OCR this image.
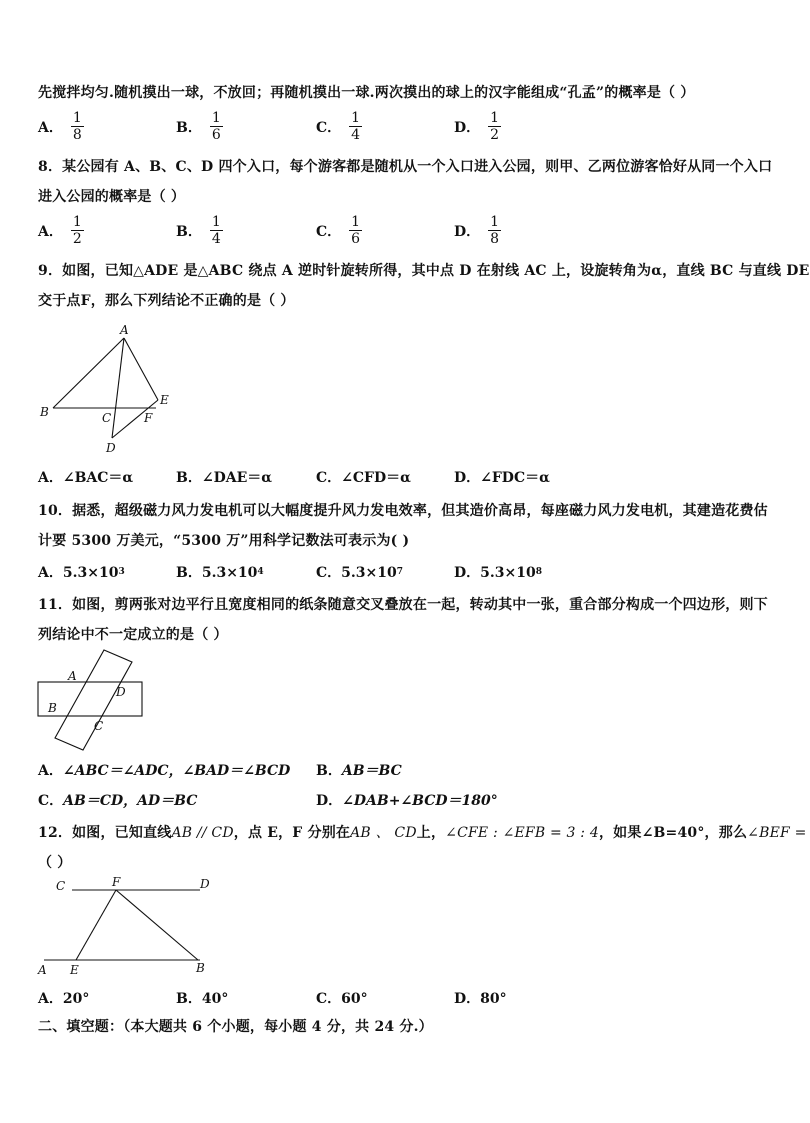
先搅拌均匀.随机摸出一球，不放回；再随机摸出一球.两次摸出的球上的汉字能组成“孔孟”的概率是（ ）
A． $\frac{1}{8}$	B． $\frac{1}{6}$	C． $\frac{1}{4}$	D． $\frac{1}{2}$
8．某公园有 A、B、C、D 四个入口，每个游客都是随机从一个入口进入公园，则甲、乙两位游客恰好从同一个入口
进入公园的概率是（ ）
A． $\frac{1}{2}$	B． $\frac{1}{4}$	C． $\frac{1}{6}$	D． $\frac{1}{8}$
9．如图，已知△ADE 是△ABC 绕点 A 逆时针旋转所得，其中点 D 在射线 AC 上，设旋转角为α，直线 BC 与直线 DE
交于点F，那么下列结论不正确的是（ ）
A
B	C
D
E
F
A．∠BAC＝α	B．∠DAE＝α	C．∠CFD＝α	D．∠FDC＝α
10．据悉，超级磁力风力发电机可以大幅度提升风力发电效率，但其造价高昂，每座磁力风力发电机，其建造花费估
计要 5300 万美元，“5300 万”用科学记数法可表示为( )
A．5.3×10 3	B．5.3×10 4	C．5.3×10 7	D．5.3×10 8
11．如图，剪两张对边平行且宽度相同的纸条随意交叉叠放在一起，转动其中一张，重合部分构成一个四边形，则下
列结论中不一定成立的是（ ）
A
D
B
C
A． ∠ABC＝∠ADC，∠BAD＝∠BCD B． AB＝BC
C． AB＝CD，AD＝BC	D． ∠DAB+∠BCD＝180°
12．如图，已知直线AB // CD，点 E，F 分别在AB 、 CD上，∠CFE : ∠EFB = 3 : 4，如果∠B=40°，那么∠BEF =
（ ）
C	F	D
A E	B
A．20°	B．40°	C．60°	D．80°
二、填空题：（本大题共 6 个小题，每小题 4 分，共 24 分.）
